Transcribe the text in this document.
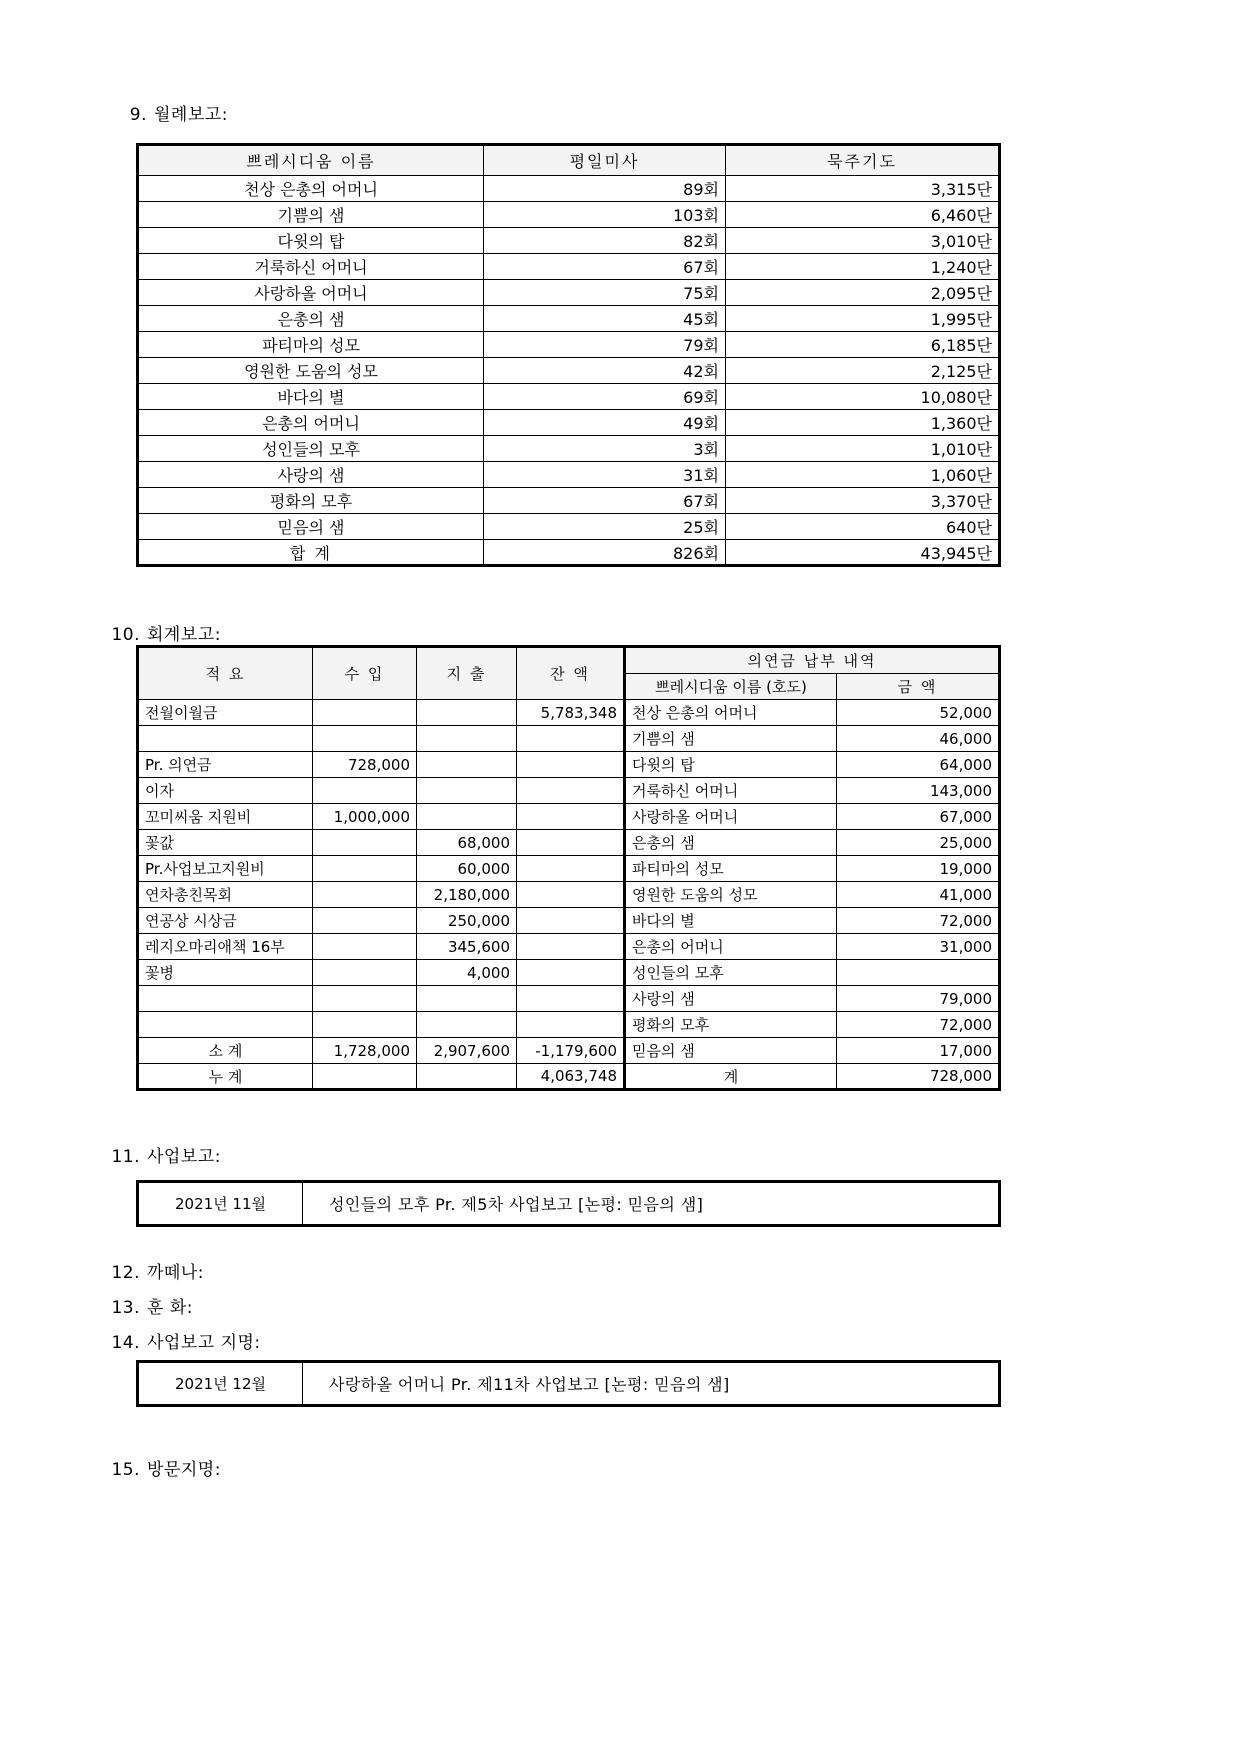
9. 월례보고:
쁘레시디움 이름	평일미사	묵주기도
천상 은총의 어머니	89회	3,315단
기쁨의 샘	103회	6,460단
다윗의 탑	82회	3,010단
거룩하신 어머니	67회	1,240단
사랑하올 어머니	75회	2,095단
은총의 샘	45회	1,995단
파티마의 성모	79회	6,185단
영원한 도움의 성모	42회	2,125단
바다의 별	69회	10,080단
은총의 어머니	49회	1,360단
성인들의 모후	3회	1,010단
사랑의 샘	31회	1,060단
평화의 모후	67회	3,370단
믿음의 샘	25회	640단
합 계	826회	43,945단
10. 회계보고:
적 요	수 입	지 출	잔 액	의연금 납부 내역	
				쁘레시디움 이름 (호도)	금 액
전월이월금			5,783,348	천상 은총의 어머니	52,000
				기쁨의 샘	46,000
Pr. 의연금	728,000			다윗의 탑	64,000
이자				거룩하신 어머니	143,000
꼬미씨움 지원비	1,000,000			사랑하올 어머니	67,000
꽃값		68,000		은총의 샘	25,000
Pr.사업보고지원비		60,000		파티마의 성모	19,000
연차총친목회		2,180,000		영원한 도움의 성모	41,000
연공상 시상금		250,000		바다의 별	72,000
레지오마리애책 16부		345,600		은총의 어머니	31,000
꽃병		4,000		성인들의 모후	
				사랑의 샘	79,000
				평화의 모후	72,000
소 계	1,728,000	2,907,600	-1,179,600	믿음의 샘	17,000
누 계			4,063,748	계	728,000
11. 사업보고:
2021년 11월	성인들의 모후 Pr. 제5차 사업보고 [논평: 믿음의 샘]
12. 까떼나:
13. 훈 화:
14. 사업보고 지명:
2021년 12월	사랑하올 어머니 Pr. 제11차 사업보고 [논평: 믿음의 샘]
15. 방문지명:
